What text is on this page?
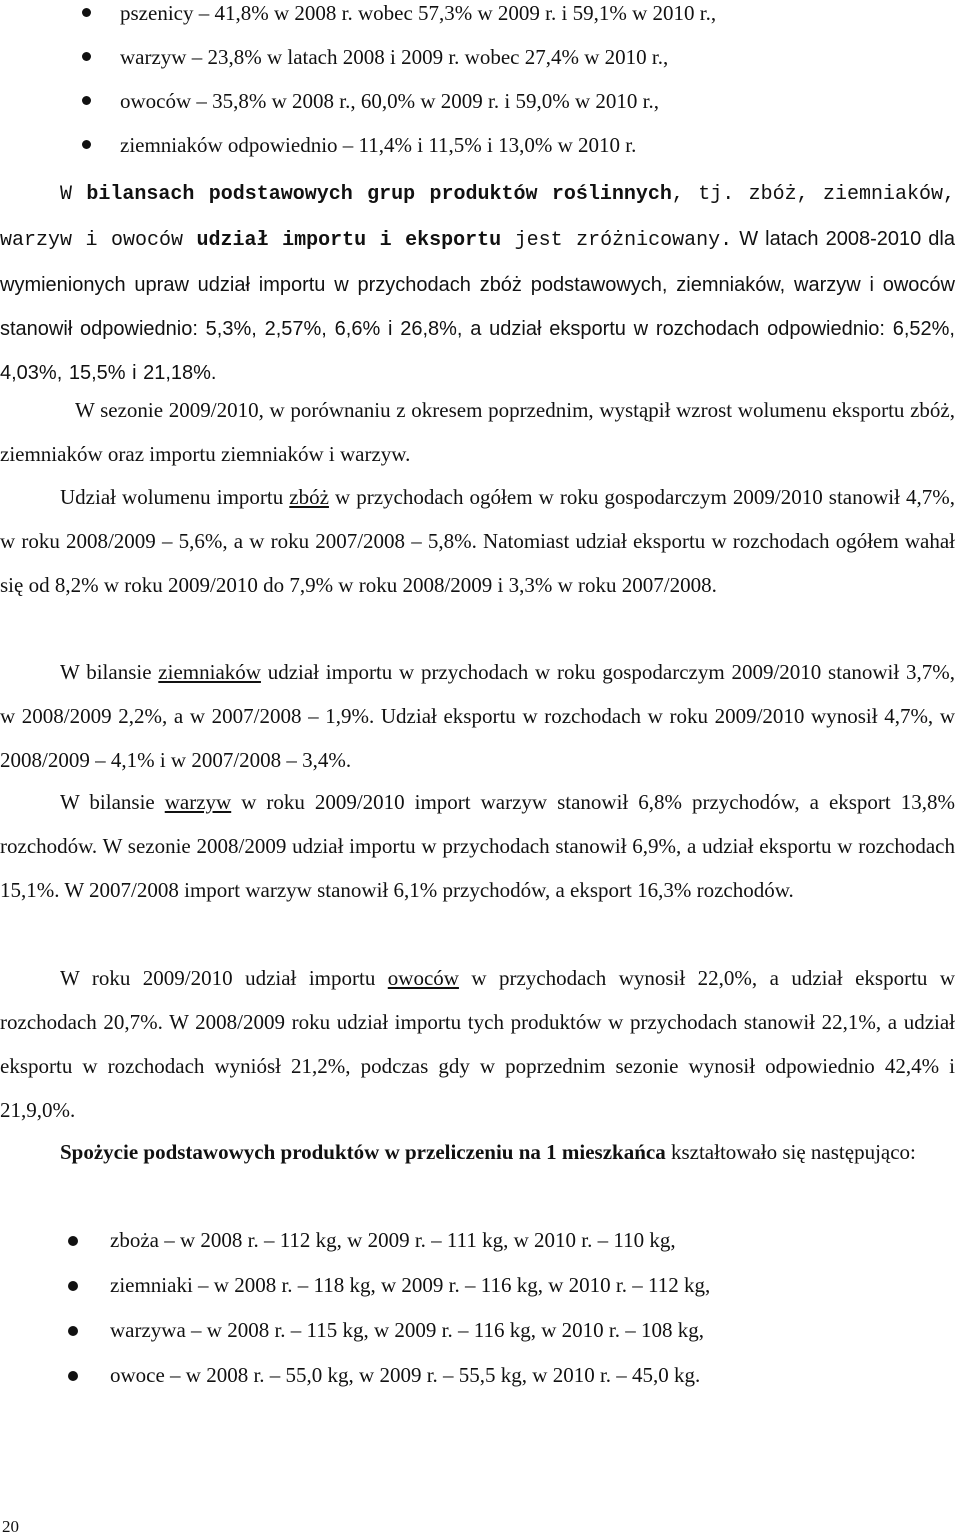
pszenicy – 41,8% w 2008 r. wobec 57,3% w 2009 r. i 59,1% w 2010 r.,
warzyw – 23,8% w latach 2008 i 2009 r. wobec 27,4% w 2010 r.,
owoców – 35,8% w 2008 r., 60,0% w 2009 r. i 59,0% w 2010 r.,
ziemniaków odpowiednio – 11,4% i 11,5% i 13,0% w 2010 r.

W bilansach podstawowych grup produktów roślinnych, tj. zbóż, ziemniaków, warzyw i owoców udział importu i eksportu jest zróżnicowany. W latach 2008-2010 dla wymienionych upraw udział importu w przychodach zbóż podstawowych, ziemniaków, warzyw i owoców stanowił odpowiednio: 5,3%, 2,57%, 6,6% i 26,8%, a udział eksportu w rozchodach odpowiednio: 6,52%, 4,03%, 15,5% i 21,18%.

W sezonie 2009/2010, w porównaniu z okresem poprzednim, wystąpił wzrost wolumenu eksportu zbóż, ziemniaków oraz importu ziemniaków i warzyw.

Udział wolumenu importu zbóż w przychodach ogółem w roku gospodarczym 2009/2010 stanowił 4,7%, w roku 2008/2009 – 5,6%, a w roku 2007/2008 – 5,8%. Natomiast udział eksportu w rozchodach ogółem wahał się od 8,2% w roku 2009/2010 do 7,9% w roku 2008/2009 i 3,3% w roku 2007/2008.

W bilansie ziemniaków udział importu w przychodach w roku gospodarczym 2009/2010 stanowił 3,7%, w 2008/2009 2,2%, a w 2007/2008 – 1,9%. Udział eksportu w rozchodach w roku 2009/2010 wynosił 4,7%, w 2008/2009 – 4,1% i w 2007/2008 – 3,4%.

W bilansie warzyw w roku 2009/2010 import warzyw stanowił 6,8% przychodów, a eksport 13,8% rozchodów. W sezonie 2008/2009 udział importu w przychodach stanowił 6,9%, a udział eksportu w rozchodach 15,1%. W 2007/2008 import warzyw stanowił 6,1% przychodów, a eksport 16,3% rozchodów.

W roku 2009/2010 udział importu owoców w przychodach wynosił 22,0%, a udział eksportu w rozchodach 20,7%. W 2008/2009 roku udział importu tych produktów w przychodach stanowił 22,1%, a udział eksportu w rozchodach wyniósł 21,2%, podczas gdy w poprzednim sezonie wynosił odpowiednio 42,4% i 21,9,0%.

Spożycie podstawowych produktów w przeliczeniu na 1 mieszkańca kształtowało się następująco:

zboża – w 2008 r. – 112 kg, w 2009 r. – 111 kg, w 2010 r. – 110 kg,
ziemniaki – w 2008 r. – 118 kg, w 2009 r. – 116 kg, w 2010 r. – 112 kg,
warzywa – w 2008 r. – 115 kg, w 2009 r. – 116 kg, w 2010 r. – 108 kg,
owoce – w 2008 r. – 55,0 kg, w 2009 r. – 55,5 kg, w 2010 r. – 45,0 kg.
20
